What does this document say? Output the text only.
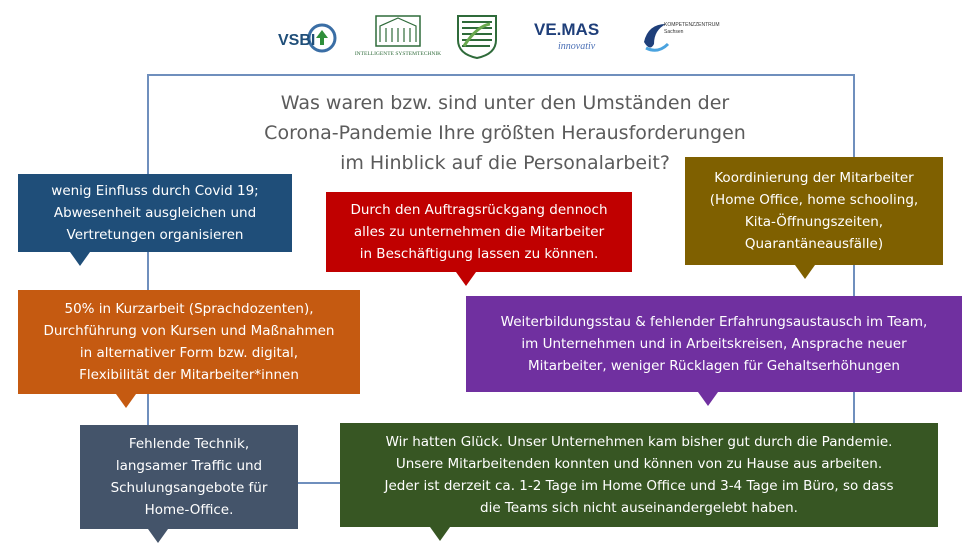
VSBI
INTELLIGENTE SYSTEMTECHNIK
VE.MAS
innovativ
KOMPETENZZENTRUM
Sachsen
Was waren bzw. sind unter den Umständen der
Corona-Pandemie Ihre größten Herausforderungen
im Hinblick auf die Personalarbeit?
wenig Einfluss durch Covid 19;
Abwesenheit ausgleichen und
Vertretungen organisieren
Durch den Auftragsrückgang dennoch
alles zu unternehmen die Mitarbeiter
in Beschäftigung lassen zu können.
Koordinierung der Mitarbeiter
(Home Office, home schooling,
Kita-Öffnungszeiten,
Quarantäneausfälle)
50% in Kurzarbeit (Sprachdozenten),
Durchführung von Kursen und Maßnahmen
in alternativer Form bzw. digital,
Flexibilität der Mitarbeiter*innen
Weiterbildungsstau & fehlender Erfahrungsaustausch im Team,
im Unternehmen und in Arbeitskreisen, Ansprache neuer
Mitarbeiter, weniger Rücklagen für Gehaltserhöhungen
Fehlende Technik,
langsamer Traffic und
Schulungsangebote für
Home-Office.
Wir hatten Glück. Unser Unternehmen kam bisher gut durch die Pandemie.
Unsere Mitarbeitenden konnten und können von zu Hause aus arbeiten.
Jeder ist derzeit ca. 1-2 Tage im Home Office und 3-4 Tage im Büro, so dass
die Teams sich nicht auseinandergelebt haben.
